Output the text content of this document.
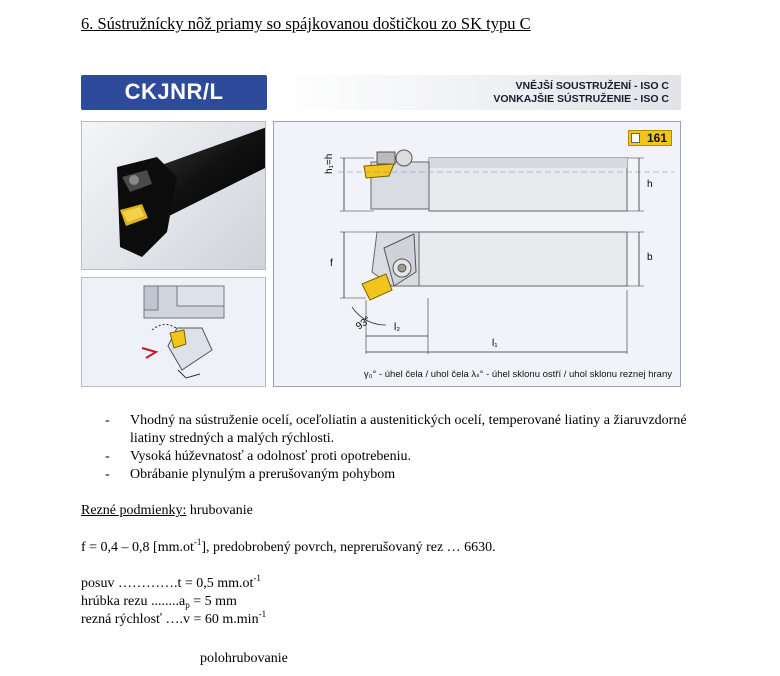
6. Sústružnícky nôž priamy so spájkovanou doštičkou zo SK typu C
CKJNR/L	VNĚJŠÍ SOUSTRUŽENÍ - ISO C
VONKAJŠIE SÚSTRUŽENIE - ISO C
161
h₁=h
h
f
b
93° l₂
l₁
γ₀° - úhel čela / uhol čela λₛ° - úhel sklonu ostří / uhol sklonu reznej hrany
- Vhodný na sústruženie ocelí, oceľoliatin a austenitických ocelí, temperované liatiny a žiaruvzdorné liatiny stredných a malých rýchlosti.
- Vysoká húževnatosť a odolnosť proti opotrebeniu.
- Obrábanie plynulým a prerušovaným pohybom
Rezné podmienky: hrubovanie
f = 0,4 – 0,8 $[mm.ot^{-1}]$, predobrobený povrch, neprerušovaný rez … 6630.
posuv ………….t = 0,5 $mm.ot^{-1}$
hrúbka rezu $........a_p = 5$ mm
rezná rýchlosť ….v = 60 $m.\min^{-1}$
polohrubovanie
